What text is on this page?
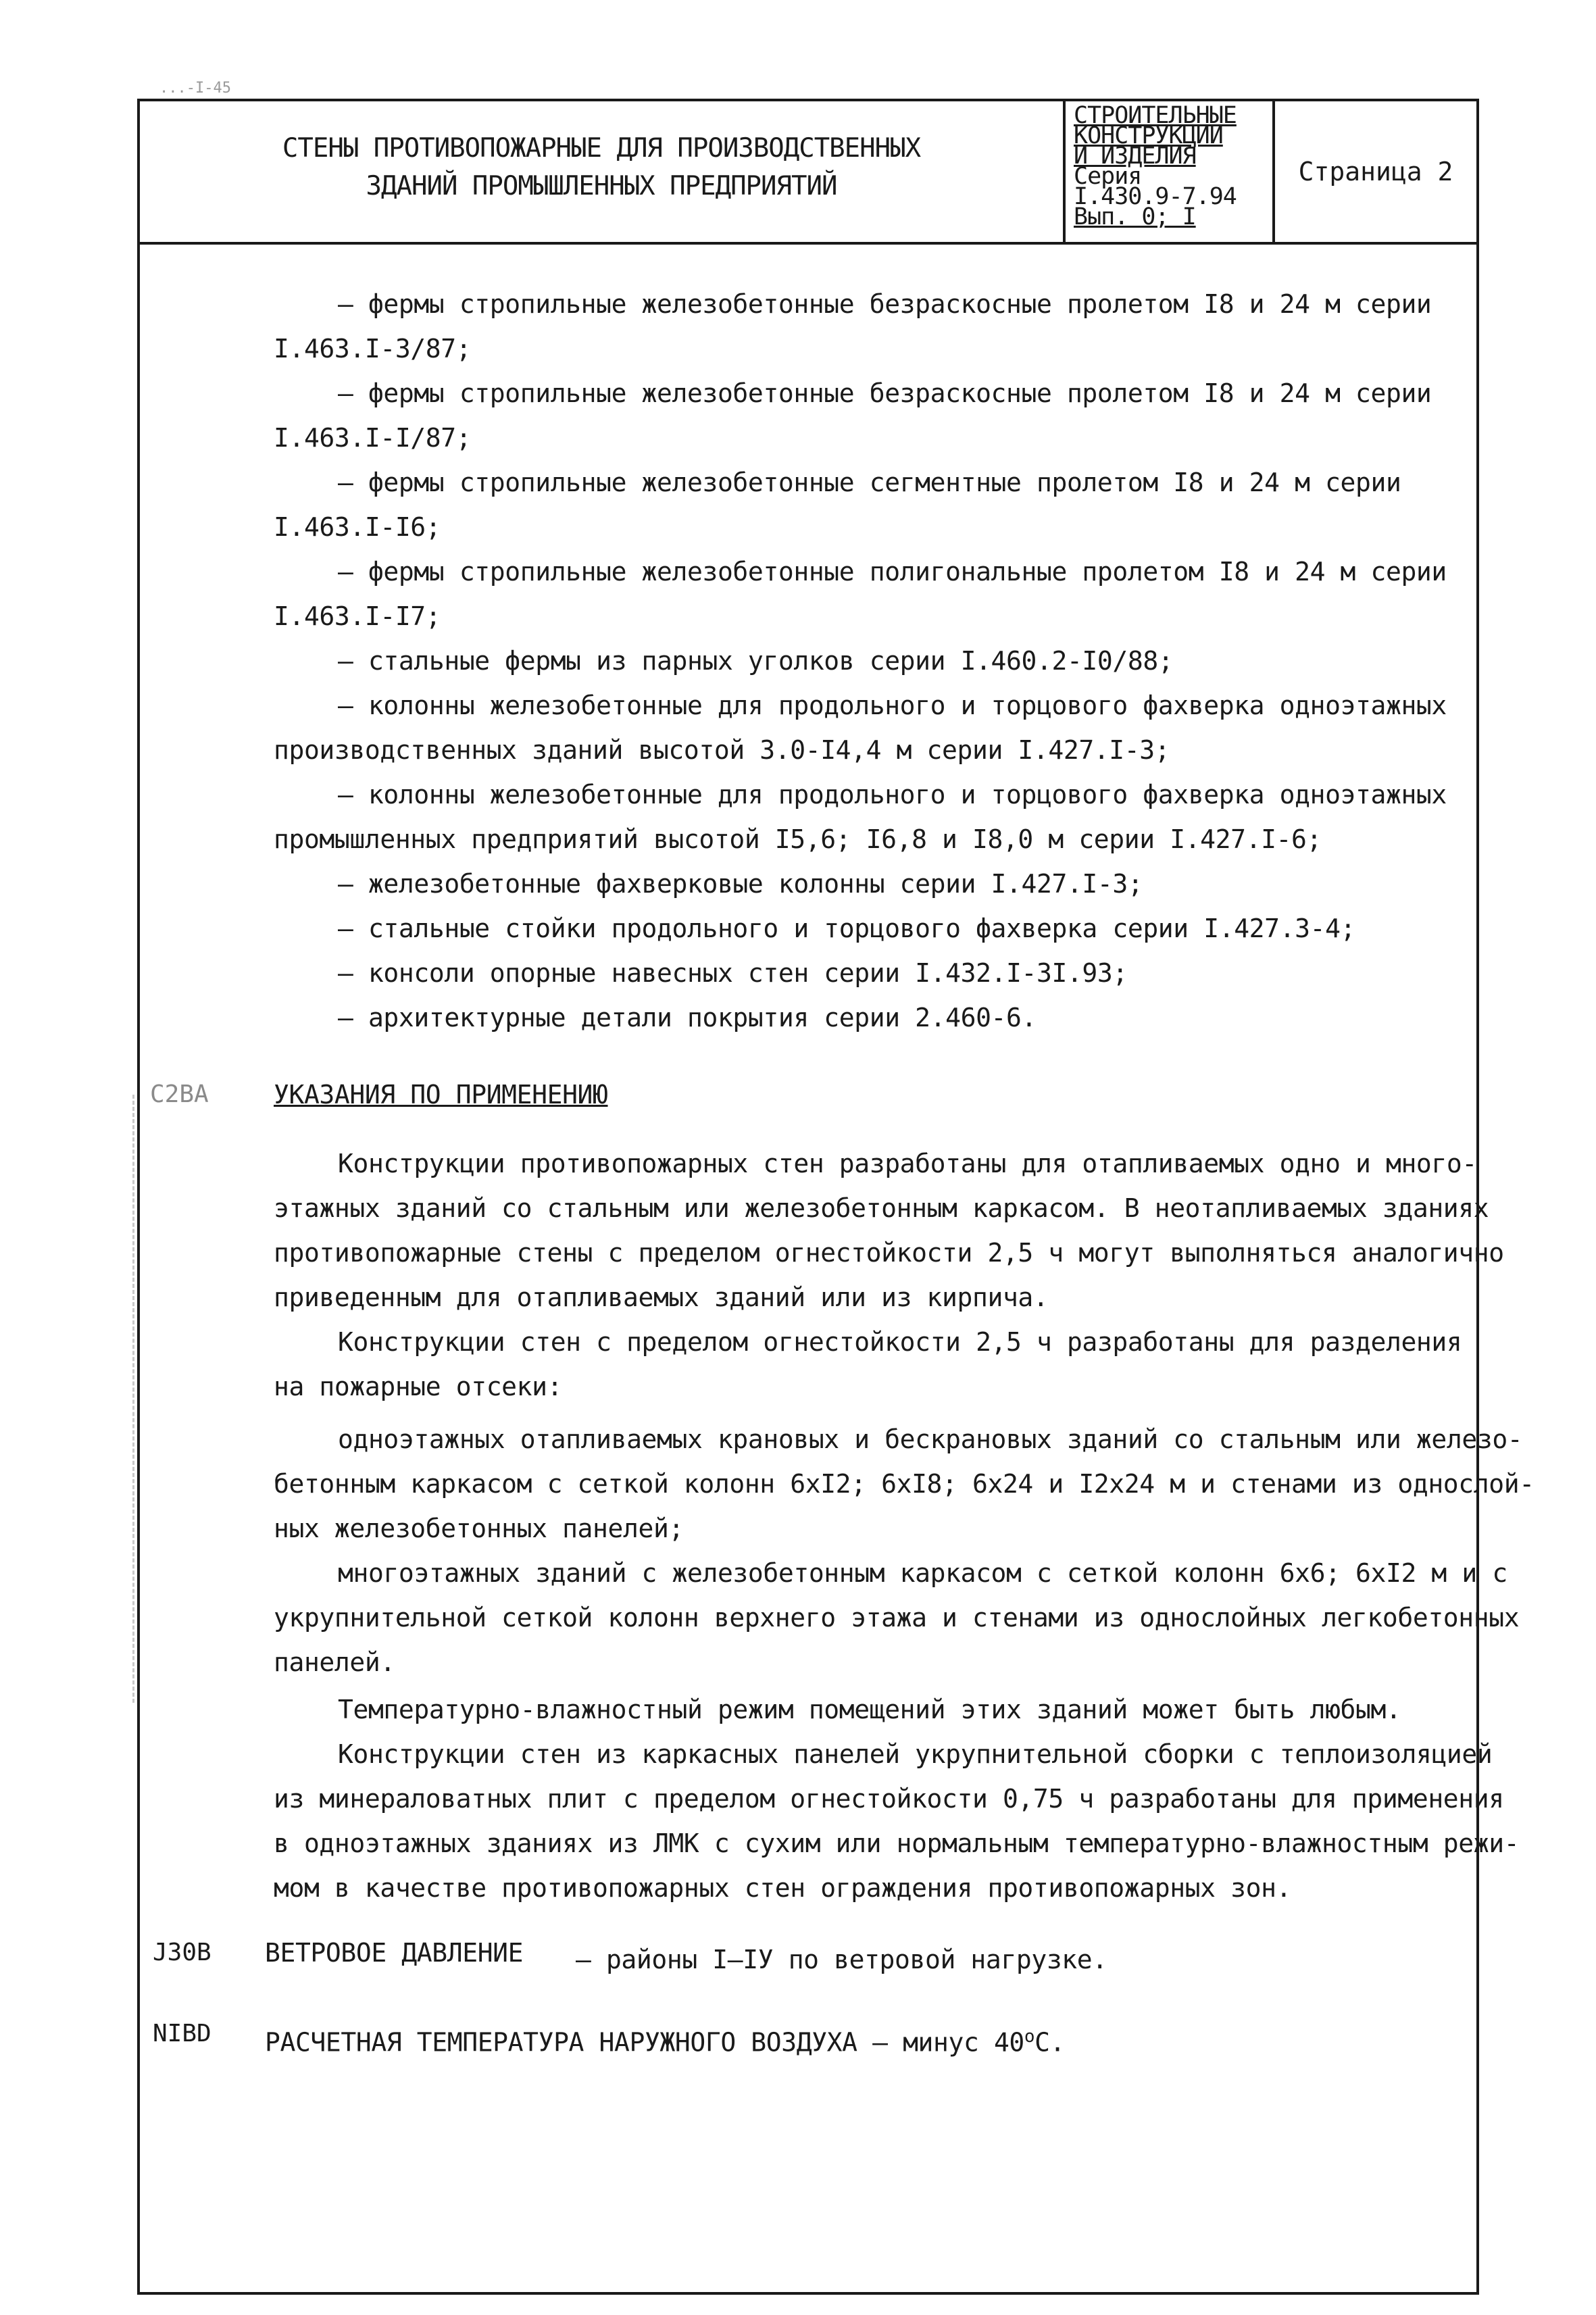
...-I-45
СТЕНЫ ПРОТИВОПОЖАРНЫЕ ДЛЯ ПРОИЗВОДСТВЕННЫХ
ЗДАНИЙ ПРОМЫШЛЕННЫХ ПРЕДПРИЯТИЙ
СТРОИТЕЛЬНЫЕ
КОНСТРУКЦИИ
И ИЗДЕЛИЯ
Серия
I.430.9-7.94
Вып. 0; I
Страница 2
– фермы стропильные железобетонные безраскосные пролетом I8 и 24 м серии
I.463.I-3/87;
– фермы стропильные железобетонные безраскосные пролетом I8 и 24 м серии
I.463.I-I/87;
– фермы стропильные железобетонные сегментные пролетом I8 и 24 м серии
I.463.I-I6;
– фермы стропильные железобетонные полигональные пролетом I8 и 24 м серии
I.463.I-I7;
– стальные фермы из парных уголков серии I.460.2-I0/88;
– колонны железобетонные для продольного и торцового фахверка одноэтажных
производственных зданий высотой 3.0-I4,4 м серии I.427.I-3;
– колонны железобетонные для продольного и торцового фахверка одноэтажных
промышленных предприятий высотой I5,6; I6,8 и I8,0 м серии I.427.I-6;
– железобетонные фахверковые колонны серии I.427.I-3;
– стальные стойки продольного и торцового фахверка серии I.427.3-4;
– консоли опорные навесных стен серии I.432.I-3I.93;
– архитектурные детали покрытия серии 2.460-6.
C2BA	УКАЗАНИЯ ПО ПРИМЕНЕНИЮ
Конструкции противопожарных стен разработаны для отапливаемых одно и много-
этажных зданий со стальным или железобетонным каркасом. В неотапливаемых зданиях
противопожарные стены с пределом огнестойкости 2,5 ч могут выполняться аналогично
приведенным для отапливаемых зданий или из кирпича.
Конструкции стен с пределом огнестойкости 2,5 ч разработаны для разделения
на пожарные отсеки:
одноэтажных отапливаемых крановых и бескрановых зданий со стальным или железо-
бетонным каркасом с сеткой колонн 6хI2; 6хI8; 6х24 и I2х24 м и стенами из однослой-
ных железобетонных панелей;
многоэтажных зданий с железобетонным каркасом с сеткой колонн 6х6; 6хI2 м и с
укрупнительной сеткой колонн верхнего этажа и стенами из однослойных легкобетонных
панелей.
Температурно-влажностный режим помещений этих зданий может быть любым.
Конструкции стен из каркасных панелей укрупнительной сборки с теплоизоляцией
из минераловатных плит с пределом огнестойкости 0,75 ч разработаны для применения
в одноэтажных зданиях из ЛМК с сухим или нормальным температурно-влажностным режи-
мом в качестве противопожарных стен ограждения противопожарных зон.
J30B ВЕТРОВОЕ ДАВЛЕНИЕ – районы I–IУ по ветровой нагрузке.
NIBD РАСЧЕТНАЯ ТЕМПЕРАТУРА НАРУЖНОГО ВОЗДУХА – минус 40$^o$С.
